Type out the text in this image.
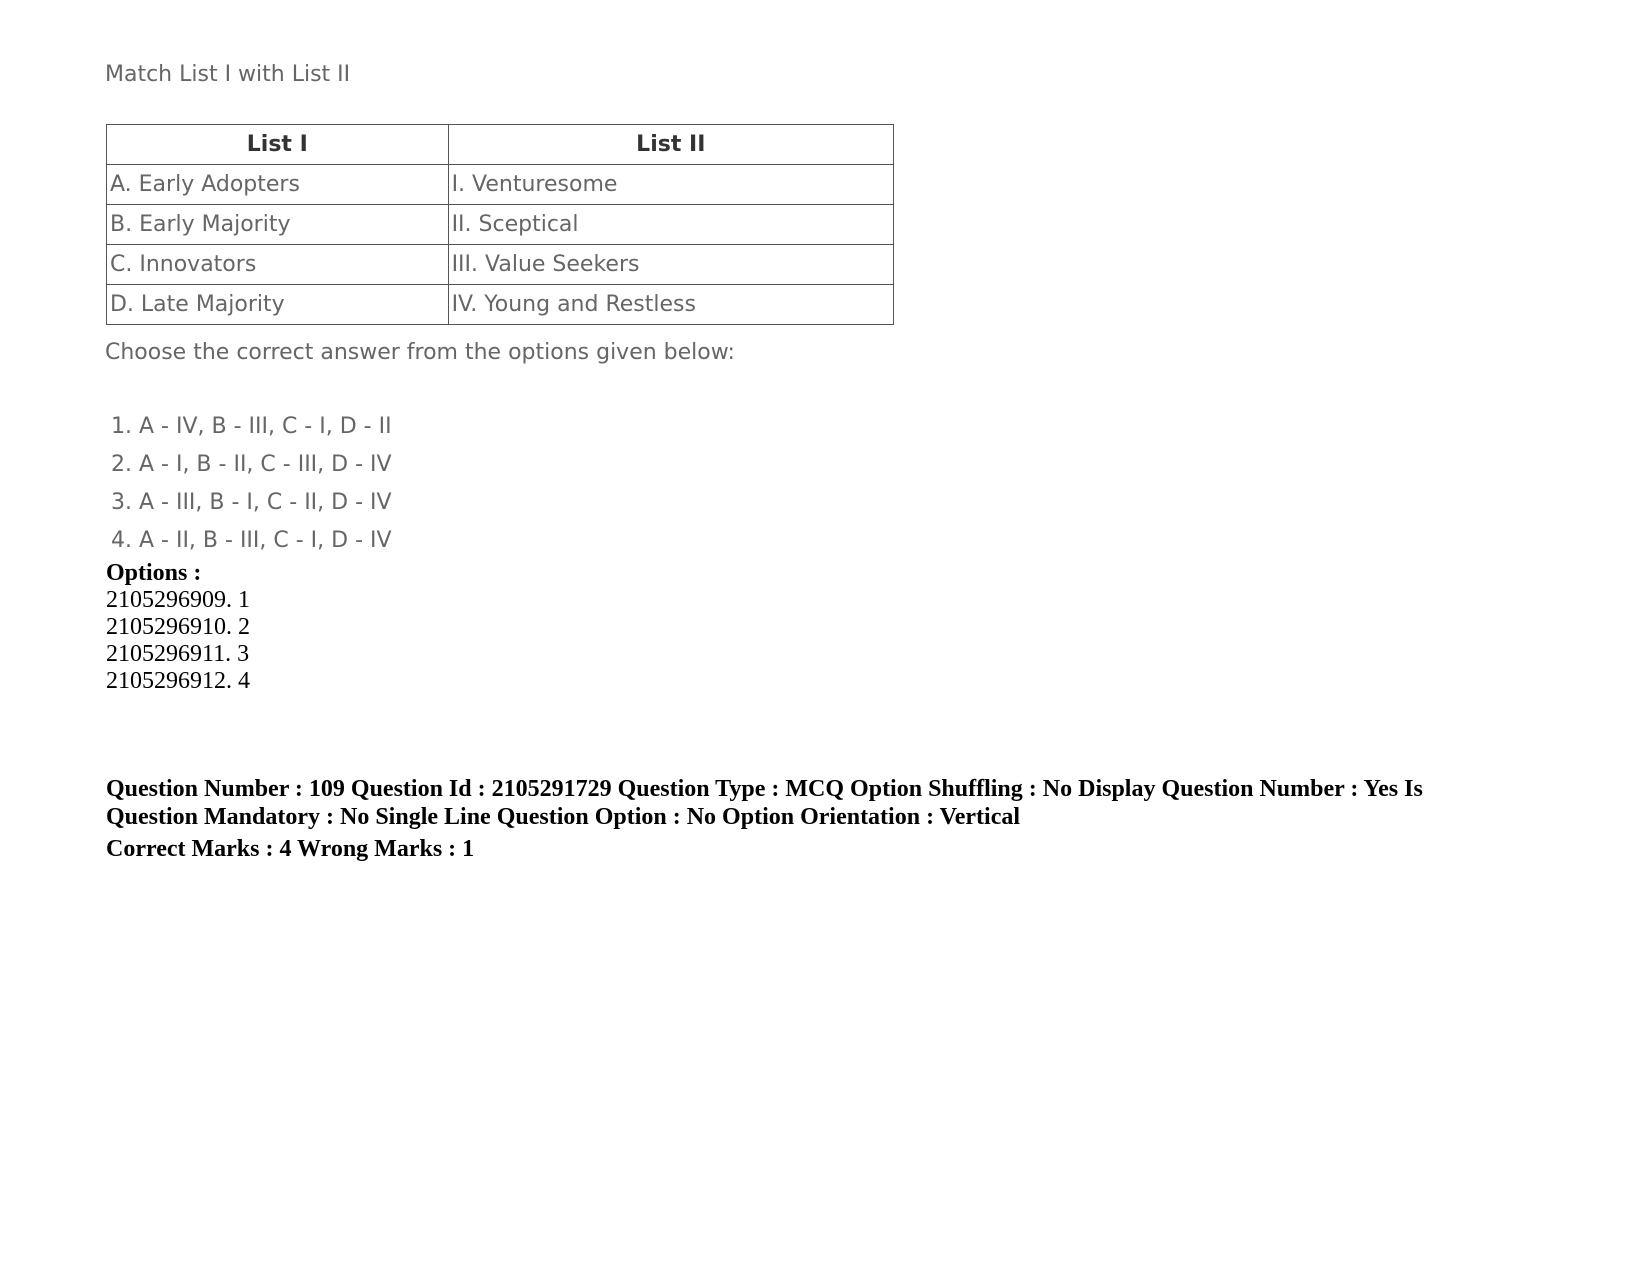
Match List I with List II
List I	List II
A. Early Adopters	I. Venturesome
B. Early Majority	II. Sceptical
C. Innovators	III. Value Seekers
D. Late Majority	IV. Young and Restless
Choose the correct answer from the options given below:
1. A - IV, B - III, C - I, D - II
2. A - I, B - II, C - III, D - IV
3. A - III, B - I, C - II, D - IV
4. A - II, B - III, C - I, D - IV
Options :
2105296909. 1
2105296910. 2
2105296911. 3
2105296912. 4
Question Number : 109 Question Id : 2105291729 Question Type : MCQ Option Shuffling : No Display Question Number : Yes Is
Question Mandatory : No Single Line Question Option : No Option Orientation : Vertical
Correct Marks : 4 Wrong Marks : 1
